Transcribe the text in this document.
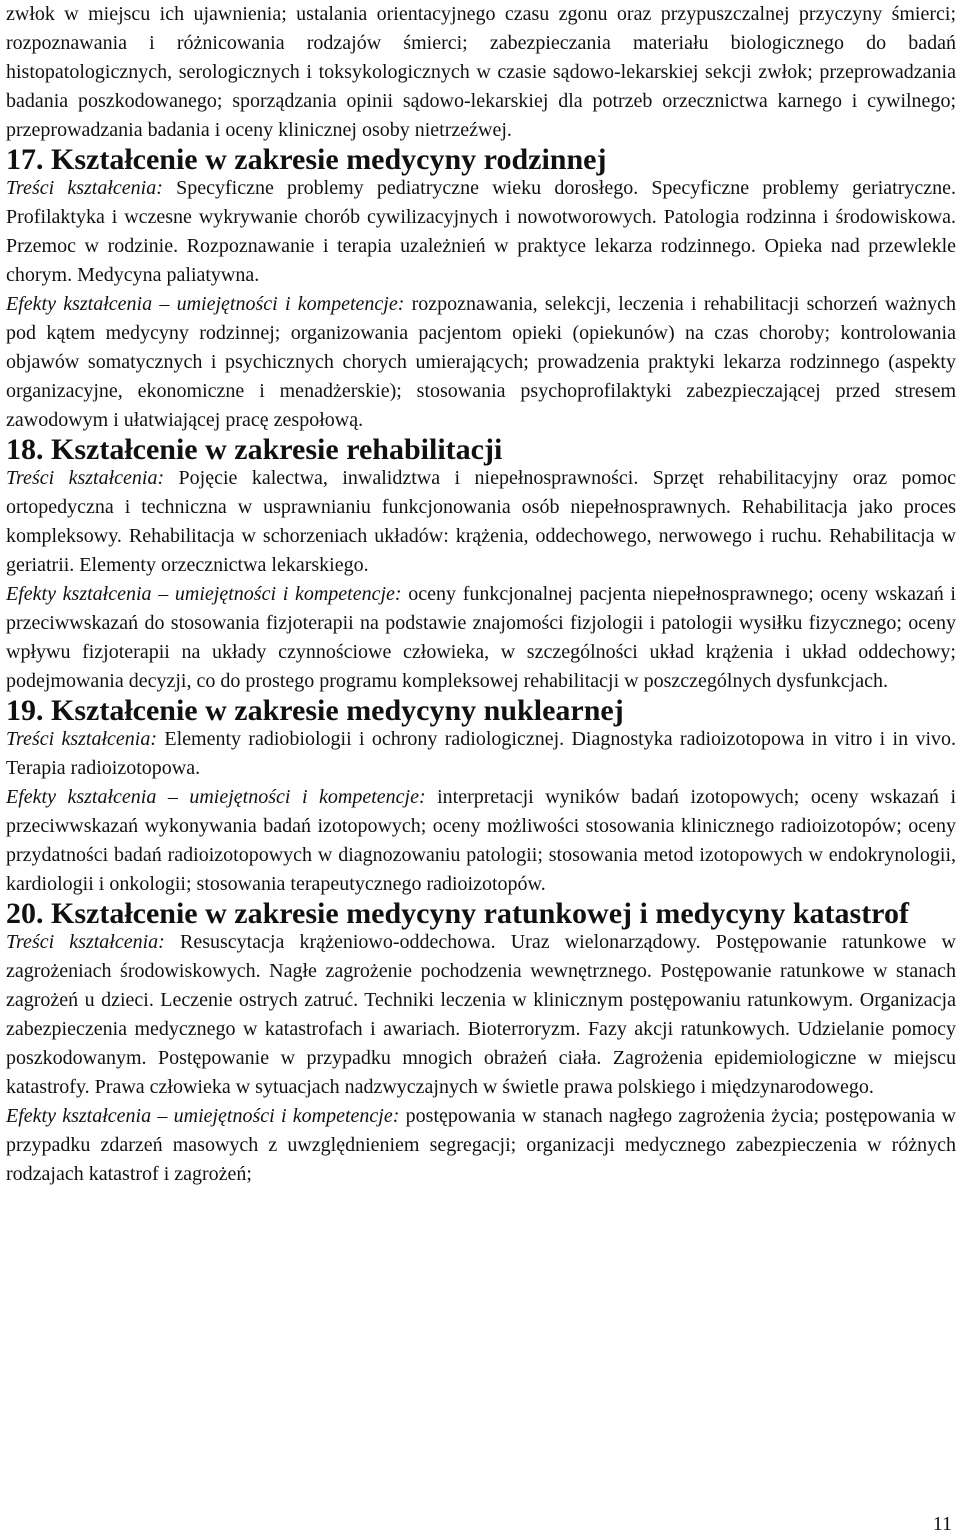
zwłok w miejscu ich ujawnienia; ustalania orientacyjnego czasu zgonu oraz przypuszczalnej przyczyny śmierci; rozpoznawania i różnicowania rodzajów śmierci; zabezpieczania materiału biologicznego do badań histopatologicznych, serologicznych i toksykologicznych w czasie sądowo-lekarskiej sekcji zwłok; przeprowadzania badania poszkodowanego; sporządzania opinii sądowo-lekarskiej dla potrzeb orzecznictwa karnego i cywilnego; przeprowadzania badania i oceny klinicznej osoby nietrzeźwej.

17. Kształcenie w zakresie medycyny rodzinnej

Treści kształcenia: Specyficzne problemy pediatryczne wieku dorosłego. Specyficzne problemy geriatryczne. Profilaktyka i wczesne wykrywanie chorób cywilizacyjnych i nowotworowych. Patologia rodzinna i środowiskowa. Przemoc w rodzinie. Rozpoznawanie i terapia uzależnień w praktyce lekarza rodzinnego. Opieka nad przewlekle chorym. Medycyna paliatywna.

Efekty kształcenia – umiejętności i kompetencje: rozpoznawania, selekcji, leczenia i rehabilitacji schorzeń ważnych pod kątem medycyny rodzinnej; organizowania pacjentom opieki (opiekunów) na czas choroby; kontrolowania objawów somatycznych i psychicznych chorych umierających; prowadzenia praktyki lekarza rodzinnego (aspekty organizacyjne, ekonomiczne i menadżerskie); stosowania psychoprofilaktyki zabezpieczającej przed stresem zawodowym i ułatwiającej pracę zespołową.

18. Kształcenie w zakresie rehabilitacji

Treści kształcenia: Pojęcie kalectwa, inwalidztwa i niepełnosprawności. Sprzęt rehabilitacyjny oraz pomoc ortopedyczna i techniczna w usprawnianiu funkcjonowania osób niepełnosprawnych. Rehabilitacja jako proces kompleksowy. Rehabilitacja w schorzeniach układów: krążenia, oddechowego, nerwowego i ruchu. Rehabilitacja w geriatrii. Elementy orzecznictwa lekarskiego.

Efekty kształcenia – umiejętności i kompetencje: oceny funkcjonalnej pacjenta niepełnosprawnego; oceny wskazań i przeciwwskazań do stosowania fizjoterapii na podstawie znajomości fizjologii i patologii wysiłku fizycznego; oceny wpływu fizjoterapii na układy czynnościowe człowieka, w szczególności układ krążenia i układ oddechowy; podejmowania decyzji, co do prostego programu kompleksowej rehabilitacji w poszczególnych dysfunkcjach.

19. Kształcenie w zakresie medycyny nuklearnej

Treści kształcenia: Elementy radiobiologii i ochrony radiologicznej. Diagnostyka radioizotopowa in vitro i in vivo. Terapia radioizotopowa.

Efekty kształcenia – umiejętności i kompetencje: interpretacji wyników badań izotopowych; oceny wskazań i przeciwwskazań wykonywania badań izotopowych; oceny możliwości stosowania klinicznego radioizotopów; oceny przydatności badań radioizotopowych w diagnozowaniu patologii; stosowania metod izotopowych w endokrynologii, kardiologii i onkologii; stosowania terapeutycznego radioizotopów.

20. Kształcenie w zakresie medycyny ratunkowej i medycyny katastrof

Treści kształcenia: Resuscytacja krążeniowo-oddechowa. Uraz wielonarządowy. Postępowanie ratunkowe w zagrożeniach środowiskowych. Nagłe zagrożenie pochodzenia wewnętrznego. Postępowanie ratunkowe w stanach zagrożeń u dzieci. Leczenie ostrych zatruć. Techniki leczenia w klinicznym postępowaniu ratunkowym. Organizacja zabezpieczenia medycznego w katastrofach i awariach. Bioterroryzm. Fazy akcji ratunkowych. Udzielanie pomocy poszkodowanym. Postępowanie w przypadku mnogich obrażeń ciała. Zagrożenia epidemiologiczne w miejscu katastrofy. Prawa człowieka w sytuacjach nadzwyczajnych w świetle prawa polskiego i międzynarodowego.

Efekty kształcenia – umiejętności i kompetencje: postępowania w stanach nagłego zagrożenia życia; postępowania w przypadku zdarzeń masowych z uwzględnieniem segregacji; organizacji medycznego zabezpieczenia w różnych rodzajach katastrof i zagrożeń;

11
